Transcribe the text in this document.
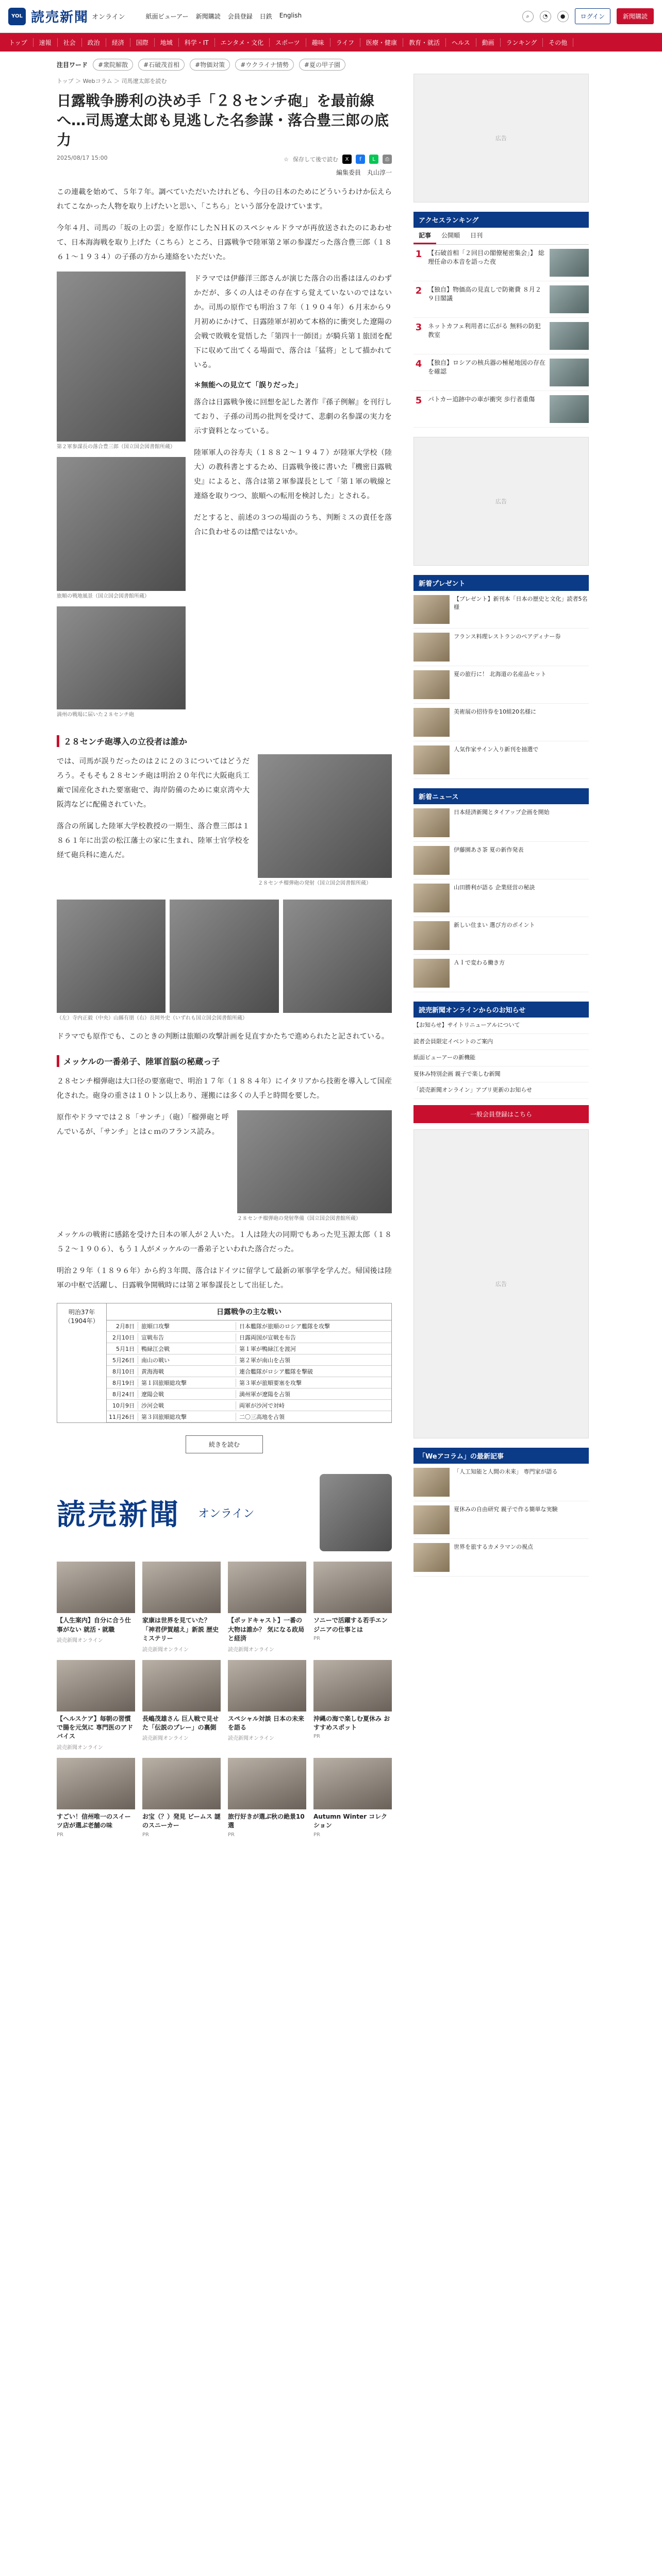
YOL 読売新聞 オンライン	紙面ビューアー 新聞購読 会員登録 日鉄 English	⌕	◔	●	ログイン	新聞購読
トップ	速報	社会	政治	経済	国際	地域	科学・IT	エンタメ・文化	スポーツ	趣味	ライフ	医療・健康	教育・就活	ヘルス	動画	ランキング	その他
注目ワード	#衆院解散	#石破茂首相	#物価対策	#ウクライナ情勢	#夏の甲子園
トップ ＞ Webコラム ＞ 司馬遼太郎を読む
日露戦争勝利の決め手「２８センチ砲」を最前線へ…司馬遼太郎も見逃した名参謀・落合豊三郎の底力
2025/08/17 15:00	☆ 保存して後で読む	X	f	L	⎙
編集委員　丸山淳一

この連載を始めて、５年７年。調べていただいたけれども、今日の日本のためにどういうわけか伝えられてこなかった人物を取り上げたいと思い、「こちら」という部分を設けています。

今年４月、司馬の「坂の上の雲」を原作にしたＮＨＫのスペシャルドラマが再放送されたのにあわせて、日本海海戦を取り上げた（こちら）ところ、日露戦争で陸軍第２軍の参謀だった落合豊三郎（１８６１〜１９３４）の子孫の方から連絡をいただいた。

第２軍参謀長の落合豊三郎（国立国会図書館所蔵）
旅順の戦地風景（国立国会図書館所蔵）
満州の戦場に届いた２８センチ砲

ドラマでは伊藤洋三郎さんが演じた落合の出番はほんのわずかだが、多くの人はその存在すら覚えていないのではないか。司馬の原作でも明治３７年（１９０４年）６月末から９月初めにかけて、日露陸軍が初めて本格的に衝突した遼陽の会戦で敗戦を覚悟した「第四十一師団」が騎兵第１旅団を配下に収めて出てくる場面で、落合は「猛将」として描かれている。

＊無能への見立て「誤りだった」

落合は日露戦争後に回想を記した著作『孫子例解』を刊行しており、子孫の司馬の批判を受けて、悲劇の名参謀の実力を示す資料となっている。

陸軍軍人の谷寿夫（１８８２〜１９４７）が陸軍大学校（陸大）の教科書とするため、日露戦争後に書いた『機密日露戦史』によると、落合は第２軍参謀長として「第１軍の戦線と連絡を取りつつ、旅順への転用を検討した」とされる。

だとすると、前述の３つの場面のうち、判断ミスの責任を落合に負わせるのは酷ではないか。

２８センチ砲導入の立役者は誰か
２８センチ榴弾砲の発射（国立国会図書館所蔵）

では、司馬が誤りだったのは２に２の３についてはどうだろう。そもそも２８センチ砲は明治２０年代に大阪砲兵工廠で国産化された要塞砲で、海岸防備のために東京湾や大阪湾などに配備されていた。

落合の所属した陸軍大学校教授の一期生、落合豊三郎は１８６１年に出雲の松江藩士の家に生まれ、陸軍士官学校を経て砲兵科に進んだ。

（左）寺内正毅（中央）山縣有朋（右）長岡外史（いずれも国立国会図書館所蔵）

ドラマでも原作でも、このときの判断は旅順の攻撃計画を見直すかたちで進められたと記されている。

メッケルの一番弟子、陸軍首脳の秘蔵っ子

２８センチ榴弾砲は大口径の要塞砲で、明治１７年（１８８４年）にイタリアから技術を導入して国産化された。砲身の重さは１０トン以上あり、運搬には多くの人手と時間を要した。

２８センチ榴弾砲の発射準備（国立国会図書館所蔵）

原作やドラマでは２８「サンチ」（砲）「榴弾砲と呼んでいるが、「サンチ」とはｃｍのフランス読み。

メッケルの戦術に感銘を受けた日本の軍人が２人いた。１人は陸大の同期でもあった児玉源太郎（１８５２〜１９０６）、もう１人がメッケルの一番弟子といわれた落合だった。

明治２９年（１８９６年）から約３年間、落合はドイツに留学して最新の軍事学を学んだ。帰国後は陸軍の中枢で活躍し、日露戦争開戦時には第２軍参謀長として出征した。

明治37年（1904年）
日露戦争の主な戦い
2月8日	旅順口攻撃	日本艦隊が旅順のロシア艦隊を攻撃
2月10日	宣戦布告	日露両国が宣戦を布告
5月1日	鴨緑江会戦	第１軍が鴨緑江を渡河
5月26日	南山の戦い	第２軍が南山を占領
8月10日	黄海海戦	連合艦隊がロシア艦隊を撃破
8月19日	第１回旅順総攻撃	第３軍が旅順要塞を攻撃
8月24日	遼陽会戦	満州軍が遼陽を占領
10月9日	沙河会戦	両軍が沙河で対峙
11月26日	第３回旅順総攻撃	二〇三高地を占領
続きを読む
読売新聞 オンライン
【人生案内】自分に合う仕事がない 就活・就職
読売新聞オンライン
家康は世界を見ていた？「神君伊賀越え」新説 歴史ミステリー
読売新聞オンライン
【ポッドキャスト】一番の大物は誰か？ 気になる政局と経済
読売新聞オンライン
ソニーで活躍する若手エンジニアの仕事とは
PR
【ヘルスケア】毎朝の習慣で腸を元気に 専門医のアドバイス
読売新聞オンライン
長嶋茂雄さん 巨人戦で見せた「伝説のプレー」の裏側
読売新聞オンライン
スペシャル対談 日本の未来を語る
読売新聞オンライン
沖縄の海で楽しむ夏休み おすすめスポット
PR
すごい！信州唯一のスイーツ店が選ぶ老舗の味
PR
お宝（？）発見 ビームス 謎のスニーカー
PR
旅行好きが選ぶ秋の絶景10選
PR
Autumn Winter コレクション
PR
広告
アクセスランキング
記事	公開順	日刊
1 【石破首相「２回目の閣僚秘密集会」】 総理任命の本音を語った夜
2 【独自】物価高の見直しで防衛費 ８月２９日閣議
3 ネットカフェ利用者に広がる 無料の防犯教室
4 【独自】ロシアの核兵器の極秘地図の存在を確認
5 パトカー追跡中の車が衝突 歩行者重傷
広告
新着プレゼント
【プレゼント】新刊本「日本の歴史と文化」読者5名様
フランス料理レストランのペアディナー券
夏の旅行に！ 北海道の名産品セット
美術展の招待券を10組20名様に
人気作家サイン入り新刊を抽選で
新着ニュース
日本経済新聞とタイアップ企画を開始
伊藤園あさ茶 夏の新作発表
山田勝利が語る 企業経営の秘訣
新しい住まい 選び方のポイント
ＡＩで変わる働き方
読売新聞オンラインからのお知らせ
【お知らせ】サイトリニューアルについて
読者会員限定イベントのご案内
紙面ビューアーの新機能
夏休み特別企画 親子で楽しむ新聞
「読売新聞オンライン」アプリ更新のお知らせ
一般会員登録はこちら
広告
「Weアコラム」の最新記事
「人工知能と人間の未来」 専門家が語る
夏休みの自由研究 親子で作る簡単な実験
世界を旅するカメラマンの視点
